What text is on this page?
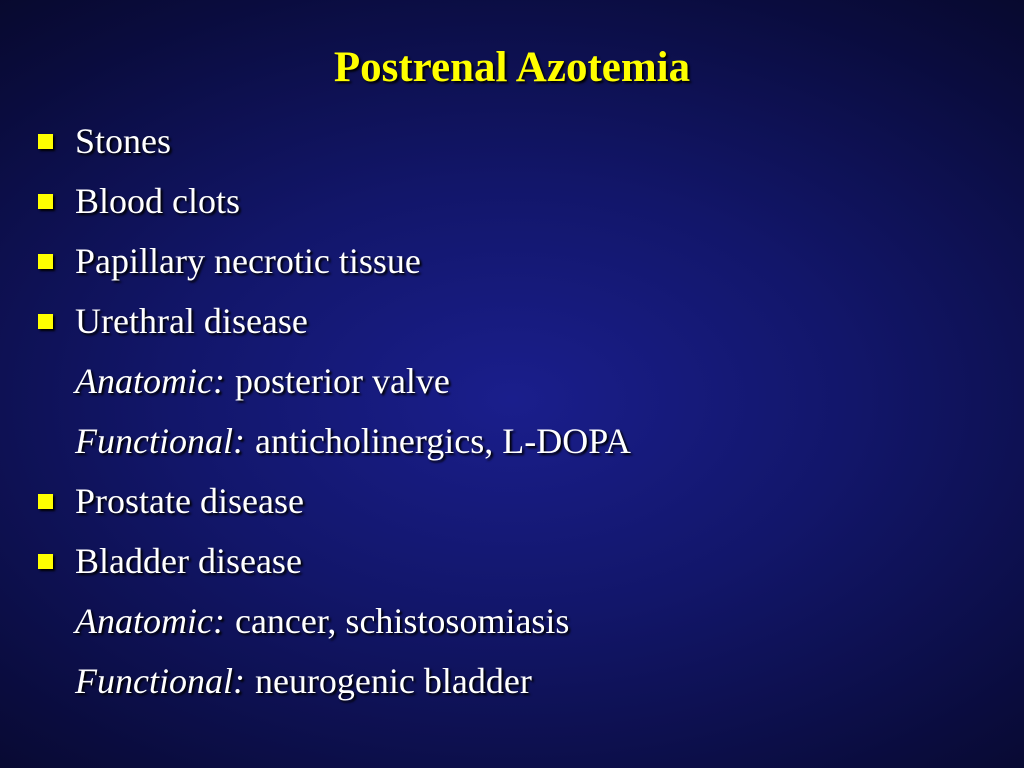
Postrenal Azotemia
Stones
Blood clots
Papillary necrotic tissue
Urethral disease
Anatomic: posterior valve
Functional: anticholinergics, L-DOPA
Prostate disease
Bladder disease
Anatomic: cancer, schistosomiasis
Functional: neurogenic bladder
